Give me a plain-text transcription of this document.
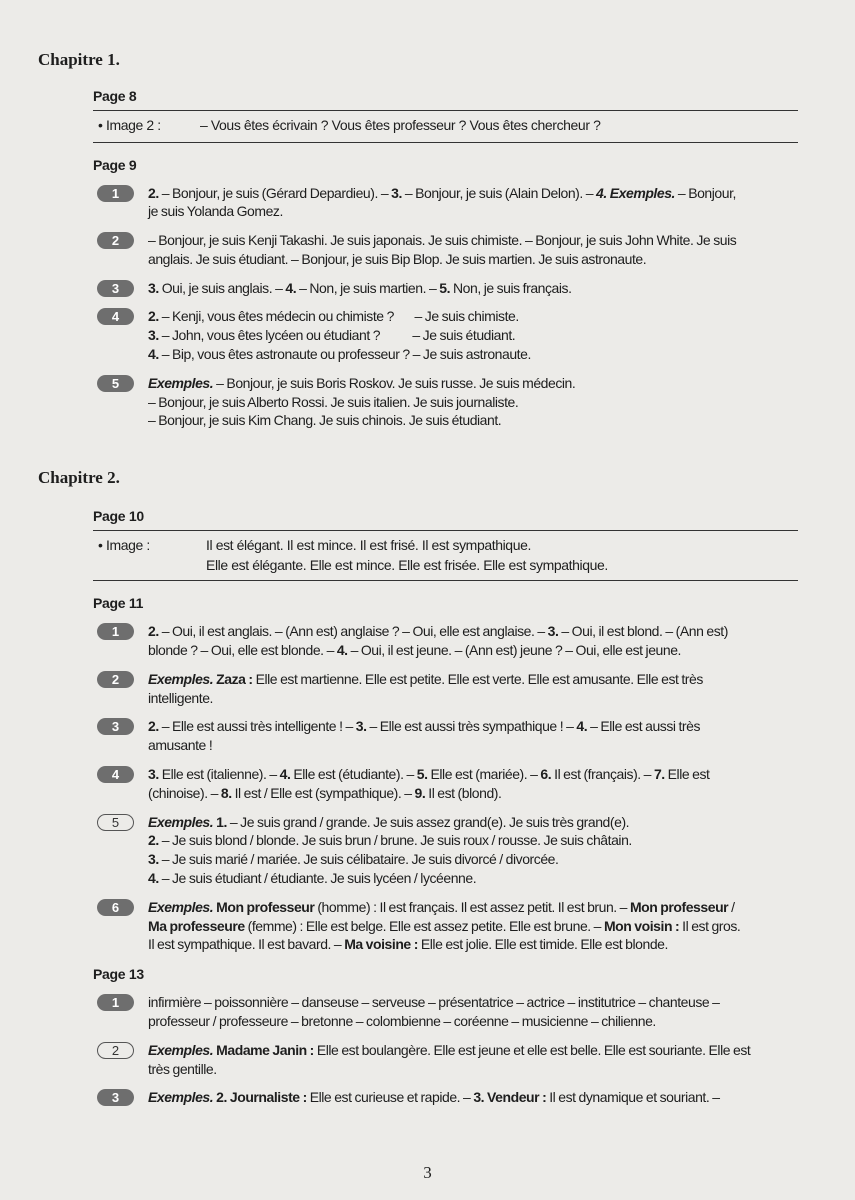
Chapitre 1.
Page 8
• Image 2 :	– Vous êtes écrivain ? Vous êtes professeur ? Vous êtes chercheur ?
Page 9
1	2. – Bonjour, je suis (Gérard Depardieu). – 3. – Bonjour, je suis (Alain Delon). – 4. Exemples. – Bonjour,
je suis Yolanda Gomez.
2	– Bonjour, je suis Kenji Takashi. Je suis japonais. Je suis chimiste. – Bonjour, je suis John White. Je suis
anglais. Je suis étudiant. – Bonjour, je suis Bip Blop. Je suis martien. Je suis astronaute.
3	3. Oui, je suis anglais. – 4. – Non, je suis martien. – 5. Non, je suis français.
4	2. – Kenji, vous êtes médecin ou chimiste ?       – Je suis chimiste.
3. – John, vous êtes lycéen ou étudiant ?           – Je suis étudiant.
4. – Bip, vous êtes astronaute ou professeur ? – Je suis astronaute.
5	Exemples. – Bonjour, je suis Boris Roskov. Je suis russe. Je suis médecin.
– Bonjour, je suis Alberto Rossi. Je suis italien. Je suis journaliste.
– Bonjour, je suis Kim Chang. Je suis chinois. Je suis étudiant.
Chapitre 2.
Page 10
• Image :	Il est élégant. Il est mince. Il est frisé. Il est sympathique.
Elle est élégante. Elle est mince. Elle est frisée. Elle est sympathique.
Page 11
1	2. – Oui, il est anglais. – (Ann est) anglaise ? – Oui, elle est anglaise. – 3. – Oui, il est blond. – (Ann est)
blonde ? – Oui, elle est blonde. – 4. – Oui, il est jeune. – (Ann est) jeune ? – Oui, elle est jeune.
2	Exemples. Zaza : Elle est martienne. Elle est petite. Elle est verte. Elle est amusante. Elle est très
intelligente.
3	2. – Elle est aussi très intelligente ! – 3. – Elle est aussi très sympathique ! – 4. – Elle est aussi très
amusante !
4	3. Elle est (italienne). – 4. Elle est (étudiante). – 5. Elle est (mariée). – 6. Il est (français). – 7. Elle est
(chinoise). – 8. Il est / Elle est (sympathique). – 9. Il est (blond).
5	Exemples. 1. – Je suis grand / grande. Je suis assez grand(e). Je suis très grand(e).
2. – Je suis blond / blonde. Je suis brun / brune. Je suis roux / rousse. Je suis châtain.
3. – Je suis marié / mariée. Je suis célibataire. Je suis divorcé / divorcée.
4. – Je suis étudiant / étudiante. Je suis lycéen / lycéenne.
6	Exemples. Mon professeur (homme) : Il est français. Il est assez petit. Il est brun. – Mon professeur /
Ma professeure (femme) : Elle est belge. Elle est assez petite. Elle est brune. – Mon voisin : Il est gros.
Il est sympathique. Il est bavard. – Ma voisine : Elle est jolie. Elle est timide. Elle est blonde.
Page 13
1	infirmière – poissonnière – danseuse – serveuse – présentatrice – actrice – institutrice – chanteuse –
professeur / professeure – bretonne – colombienne – coréenne – musicienne – chilienne.
2	Exemples. Madame Janin : Elle est boulangère. Elle est jeune et elle est belle. Elle est souriante. Elle est
très gentille.
3	Exemples. 2. Journaliste : Elle est curieuse et rapide. – 3. Vendeur : Il est dynamique et souriant. –
3
